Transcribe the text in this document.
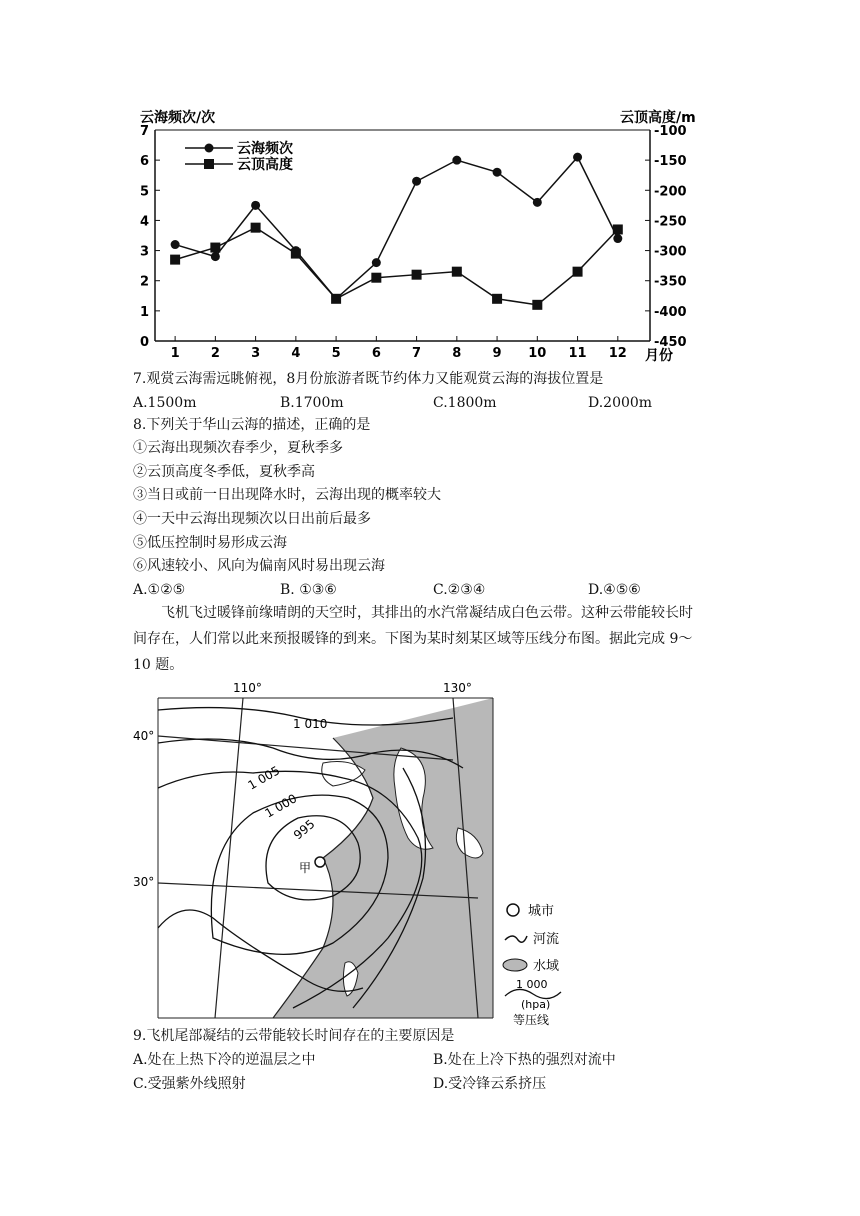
云海频次/次	云顶高度/m
月份
0
1
2
3
4
5
6
7	-100
-150
-200
-250
-300
-350
-400
-450
1 2 3 4 5 6 7 8 9 10 11 12
云海频次
云顶高度
7.观赏云海需远眺俯视，8月份旅游者既节约体力又能观赏云海的海拔位置是
A.1500m	B.1700m	C.1800m	D.2000m
8.下列关于华山云海的描述，正确的是
①云海出现频次春季少，夏秋季多
②云顶高度冬季低，夏秋季高
③当日或前一日出现降水时，云海出现的概率较大
④一天中云海出现频次以日出前后最多
⑤低压控制时易形成云海
⑥风速较小、风向为偏南风时易出现云海
A.①②⑤	B. ①③⑥	C.②③④	D.④⑤⑥
飞机飞过暖锋前缘晴朗的天空时，其排出的水汽常凝结成白色云带。这种云带能较长时
间存在，人们常以此来预报暖锋的到来。下图为某时刻某区域等压线分布图。据此完成 9～
10 题。
110°	130°
40°
30°
1 010
1 005
1 000
995
甲
城市
河流
水域
1 000
(hpa)
等压线
9.飞机尾部凝结的云带能较长时间存在的主要原因是
A.处在上热下冷的逆温层之中	B.处在上冷下热的强烈对流中
C.受强紫外线照射	D.受冷锋云系挤压
